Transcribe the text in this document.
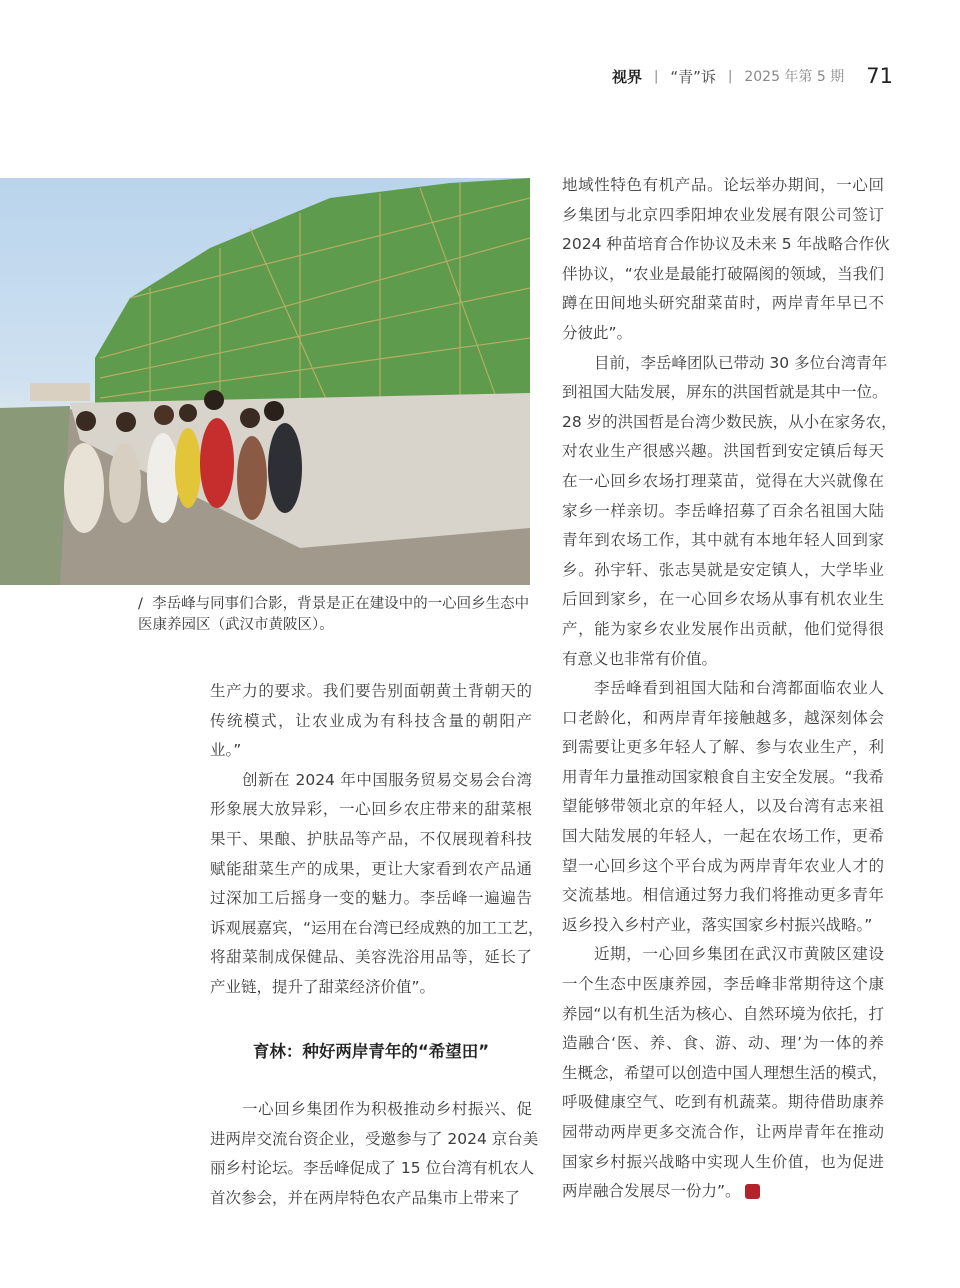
视界 | “青”诉 | 2025 年第 5 期 71
/ 李岳峰与同事们合影，背景是正在建设中的一心回乡生态中医康养园区（武汉市黄陂区）。
生产力的要求。我们要告别面朝黄土背朝天的
传统模式，让农业成为有科技含量的朝阳产
业。”
创新在 2024 年中国服务贸易交易会台湾
形象展大放异彩，一心回乡农庄带来的甜菜根
果干、果酿、护肤品等产品，不仅展现着科技
赋能甜菜生产的成果，更让大家看到农产品通
过深加工后摇身一变的魅力。李岳峰一遍遍告
诉观展嘉宾，“运用在台湾已经成熟的加工工艺，
将甜菜制成保健品、美容洗浴用品等，延长了
产业链，提升了甜菜经济价值”。
育林：种好两岸青年的“希望田”
一心回乡集团作为积极推动乡村振兴、促
进两岸交流台资企业，受邀参与了 2024 京台美
丽乡村论坛。李岳峰促成了 15 位台湾有机农人
首次参会，并在两岸特色农产品集市上带来了
地域性特色有机产品。论坛举办期间，一心回
乡集团与北京四季阳坤农业发展有限公司签订
2024 种苗培育合作协议及未来 5 年战略合作伙
伴协议，“农业是最能打破隔阂的领域，当我们
蹲在田间地头研究甜菜苗时，两岸青年早已不
分彼此”。
目前，李岳峰团队已带动 30 多位台湾青年
到祖国大陆发展，屏东的洪国哲就是其中一位。
28 岁的洪国哲是台湾少数民族，从小在家务农，
对农业生产很感兴趣。洪国哲到安定镇后每天
在一心回乡农场打理菜苗，觉得在大兴就像在
家乡一样亲切。李岳峰招募了百余名祖国大陆
青年到农场工作，其中就有本地年轻人回到家
乡。孙宇轩、张志昊就是安定镇人，大学毕业
后回到家乡，在一心回乡农场从事有机农业生
产，能为家乡农业发展作出贡献，他们觉得很
有意义也非常有价值。
李岳峰看到祖国大陆和台湾都面临农业人
口老龄化，和两岸青年接触越多，越深刻体会
到需要让更多年轻人了解、参与农业生产，利
用青年力量推动国家粮食自主安全发展。“我希
望能够带领北京的年轻人，以及台湾有志来祖
国大陆发展的年轻人，一起在农场工作，更希
望一心回乡这个平台成为两岸青年农业人才的
交流基地。相信通过努力我们将推动更多青年
返乡投入乡村产业，落实国家乡村振兴战略。”
近期，一心回乡集团在武汉市黄陂区建设
一个生态中医康养园，李岳峰非常期待这个康
养园“以有机生活为核心、自然环境为依托，打
造融合‘医、养、食、游、动、理’为一体的养
生概念，希望可以创造中国人理想生活的模式，
呼吸健康空气、吃到有机蔬菜。期待借助康养
园带动两岸更多交流合作，让两岸青年在推动
国家乡村振兴战略中实现人生价值，也为促进
两岸融合发展尽一份力”。
